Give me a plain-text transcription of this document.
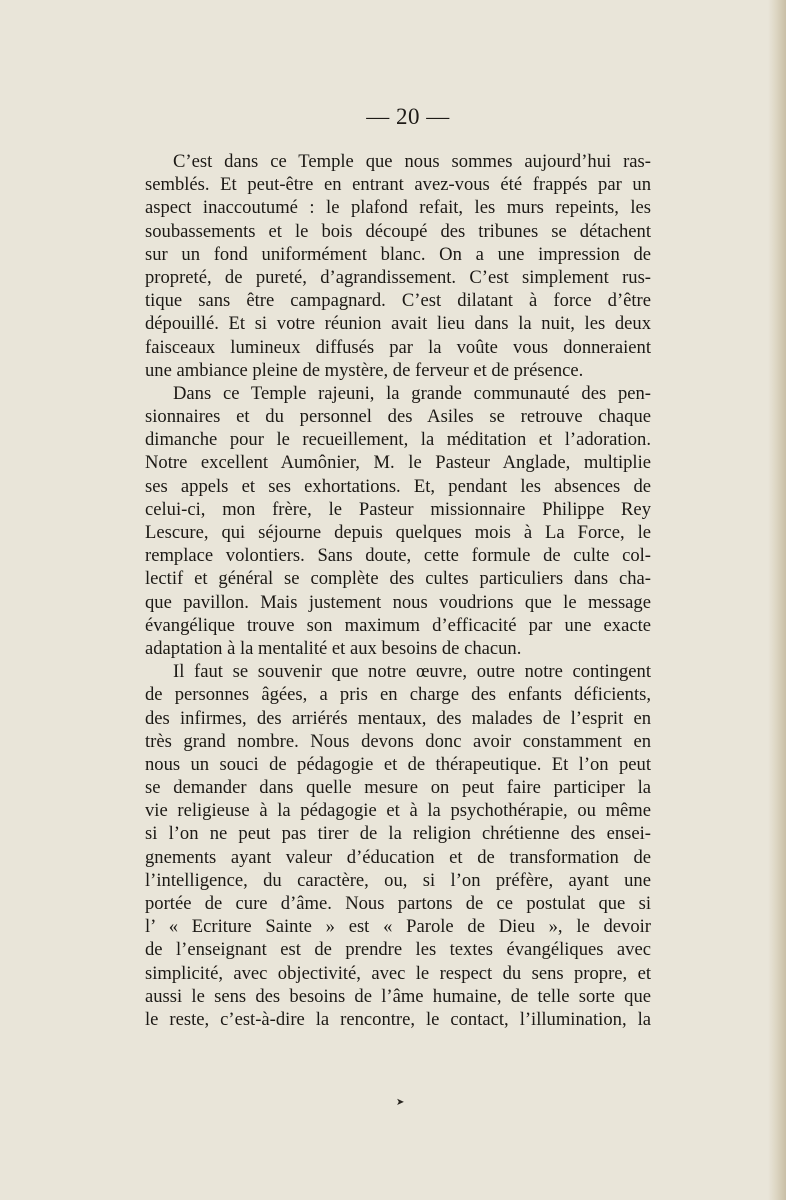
— 20 —
C’est dans ce Temple que nous sommes aujourd’hui ras-
semblés. Et peut-être en entrant avez-vous été frappés par un
aspect inaccoutumé : le plafond refait, les murs repeints, les
soubassements et le bois découpé des tribunes se détachent
sur un fond uniformément blanc. On a une impression de
propreté, de pureté, d’agrandissement. C’est simplement rus-
tique sans être campagnard. C’est dilatant à force d’être
dépouillé. Et si votre réunion avait lieu dans la nuit, les deux
faisceaux lumineux diffusés par la voûte vous donneraient
une ambiance pleine de mystère, de ferveur et de présence.
Dans ce Temple rajeuni, la grande communauté des pen-
sionnaires et du personnel des Asiles se retrouve chaque
dimanche pour le recueillement, la méditation et l’adoration.
Notre excellent Aumônier, M. le Pasteur Anglade, multiplie
ses appels et ses exhortations. Et, pendant les absences de
celui-ci, mon frère, le Pasteur missionnaire Philippe Rey
Lescure, qui séjourne depuis quelques mois à La Force, le
remplace volontiers. Sans doute, cette formule de culte col-
lectif et général se complète des cultes particuliers dans cha-
que pavillon. Mais justement nous voudrions que le message
évangélique trouve son maximum d’efficacité par une exacte
adaptation à la mentalité et aux besoins de chacun.
Il faut se souvenir que notre œuvre, outre notre contingent
de personnes âgées, a pris en charge des enfants déficients,
des infirmes, des arriérés mentaux, des malades de l’esprit en
très grand nombre. Nous devons donc avoir constamment en
nous un souci de pédagogie et de thérapeutique. Et l’on peut
se demander dans quelle mesure on peut faire participer la
vie religieuse à la pédagogie et à la psychothérapie, ou même
si l’on ne peut pas tirer de la religion chrétienne des ensei-
gnements ayant valeur d’éducation et de transformation de
l’intelligence, du caractère, ou, si l’on préfère, ayant une
portée de cure d’âme. Nous partons de ce postulat que si
l’ « Ecriture Sainte » est « Parole de Dieu », le devoir
de l’enseignant est de prendre les textes évangéliques avec
simplicité, avec objectivité, avec le respect du sens propre, et
aussi le sens des besoins de l’âme humaine, de telle sorte que
le reste, c’est-à-dire la rencontre, le contact, l’illumination, la
➤
